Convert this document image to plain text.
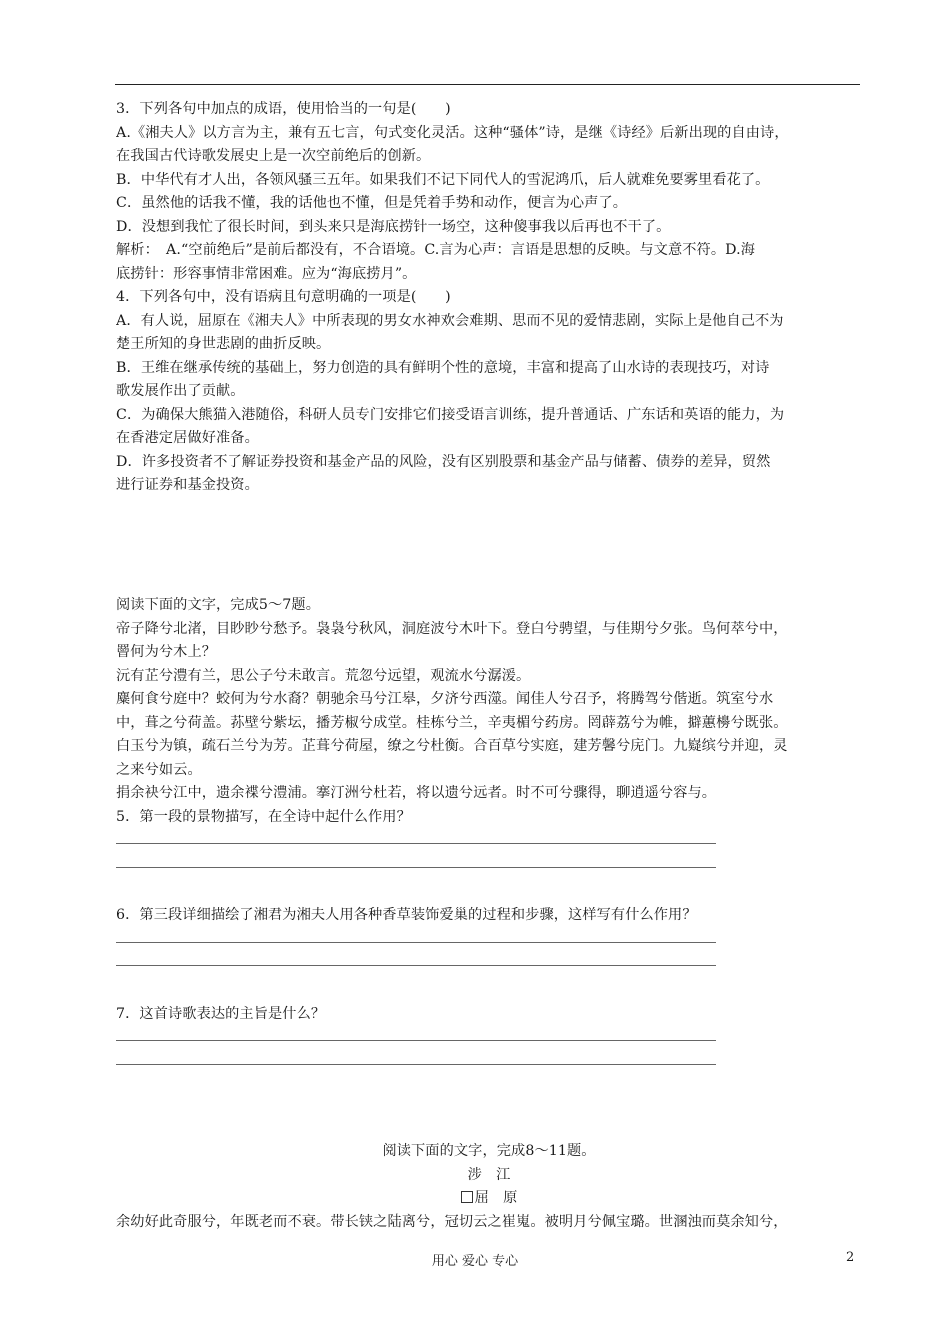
3．下列各句中加点的成语，使用恰当的一句是(　　)
A.《湘夫人》以方言为主，兼有五七言，句式变化灵活。这种“骚体”诗，是继《诗经》后新出现的自由诗，
在我国古代诗歌发展史上是一次空前绝后的创新。
B．中华代有才人出，各领风骚三五年。如果我们不记下同代人的雪泥鸿爪，后人就难免要雾里看花了。
C．虽然他的话我不懂，我的话他也不懂，但是凭着手势和动作，便言为心声了。
D．没想到我忙了很长时间，到头来只是海底捞针一场空，这种傻事我以后再也不干了。
解析：　A.“空前绝后”是前后都没有，不合语境。C.言为心声：言语是思想的反映。与文意不符。D.海
底捞针：形容事情非常困难。应为“海底捞月”。
4．下列各句中，没有语病且句意明确的一项是(　　)
A．有人说，屈原在《湘夫人》中所表现的男女水神欢会难期、思而不见的爱情悲剧，实际上是他自己不为
楚王所知的身世悲剧的曲折反映。
B．王维在继承传统的基础上，努力创造的具有鲜明个性的意境，丰富和提高了山水诗的表现技巧，对诗
歌发展作出了贡献。
C．为确保大熊猫入港随俗，科研人员专门安排它们接受语言训练，提升普通话、广东话和英语的能力，为
在香港定居做好准备。
D．许多投资者不了解证券投资和基金产品的风险，没有区别股票和基金产品与储蓄、债券的差异，贸然
进行证券和基金投资。
阅读下面的文字，完成5～7题。
帝子降兮北渚，目眇眇兮愁予。袅袅兮秋风，洞庭波兮木叶下。登白兮骋望，与佳期兮夕张。鸟何萃兮中，
罾何为兮木上？
沅有芷兮澧有兰，思公子兮未敢言。荒忽兮远望，观流水兮潺湲。
麋何食兮庭中？蛟何为兮水裔？朝驰余马兮江皋，夕济兮西澨。闻佳人兮召予，将腾驾兮偕逝。筑室兮水
中，葺之兮荷盖。荪壁兮紫坛，播芳椒兮成堂。桂栋兮兰，辛夷楣兮药房。罔薜荔兮为帷，擗蕙櫋兮既张。
白玉兮为镇，疏石兰兮为芳。芷葺兮荷屋，缭之兮杜衡。合百草兮实庭，建芳馨兮庑门。九嶷缤兮并迎，灵
之来兮如云。
捐余袂兮江中，遗余褋兮澧浦。搴汀洲兮杜若，将以遗兮远者。时不可兮骤得，聊逍遥兮容与。
5．第一段的景物描写，在全诗中起什么作用？
6．第三段详细描绘了湘君为湘夫人用各种香草装饰爱巢的过程和步骤，这样写有什么作用？
7．这首诗歌表达的主旨是什么？
阅读下面的文字，完成8～11题。
涉　江
屈　原
余幼好此奇服兮，年既老而不衰。带长铗之陆离兮，冠切云之崔嵬。被明月兮佩宝璐。世溷浊而莫余知兮，
用心 爱心 专心	2
